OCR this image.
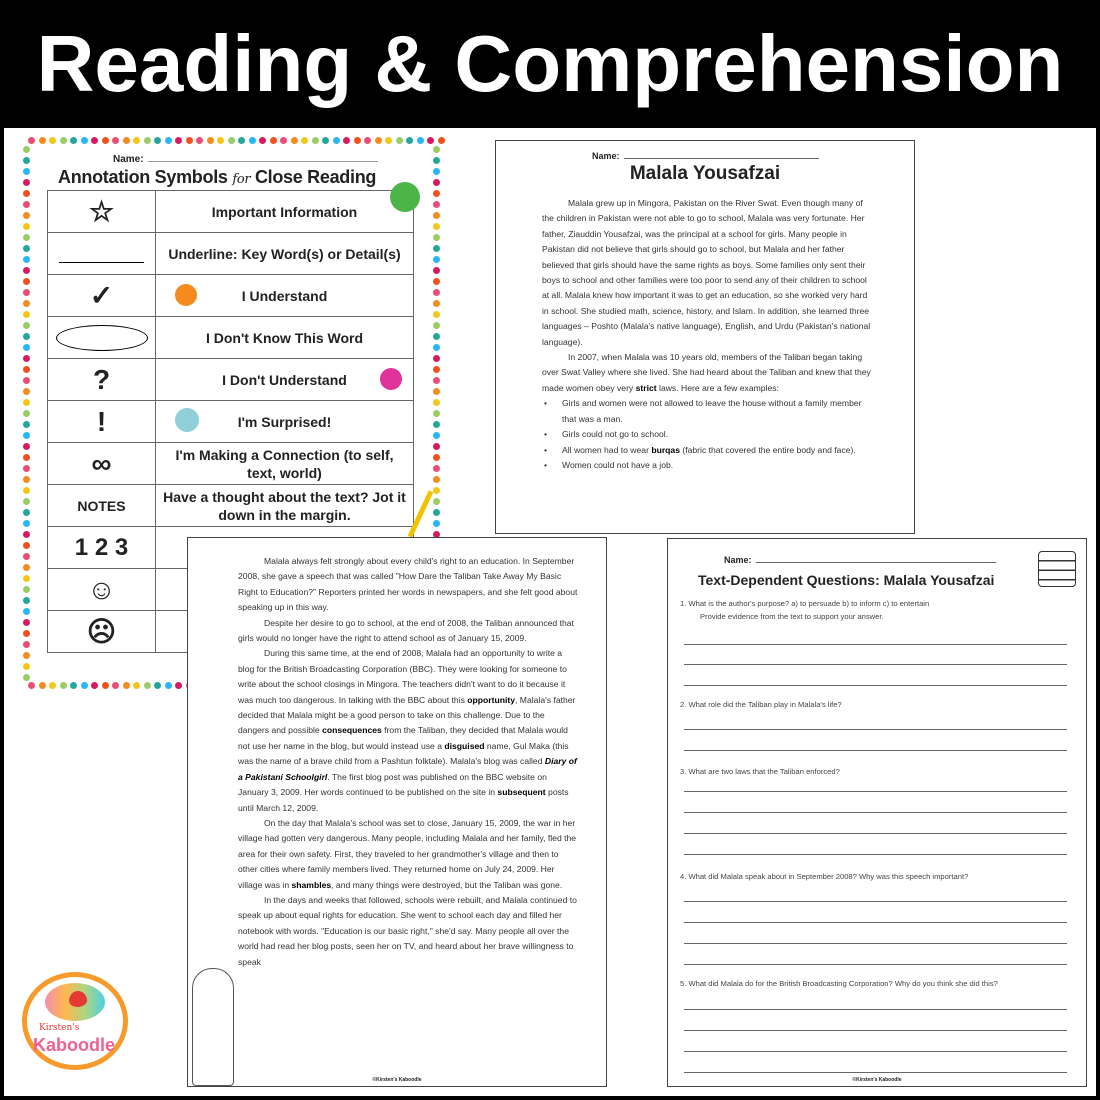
Reading & Comprehension
Name:
Annotation Symbols for Close Reading
☆	Important Information

	Underline: Key Word(s) or Detail(s)
✓	I Understand

	I Don't Know This Word
?	I Don't Understand
!	I'm Surprised!
∞	I'm Making a Connection (to self, text, world)
NOTES	Have a thought about the text? Jot it down in the margin.
1 2 3	
☺	
☹	
Name:
Malala Yousafzai

Malala grew up in Mingora, Pakistan on the River Swat. Even though many of the children in Pakistan were not able to go to school, Malala was very fortunate. Her father, Ziauddin Yousafzai, was the principal at a school for girls. Many people in Pakistan did not believe that girls should go to school, but Malala and her father believed that girls should have the same rights as boys. Some families only sent their boys to school and other families were too poor to send any of their children to school at all. Malala knew how important it was to get an education, so she worked very hard in school. She studied math, science, history, and Islam. In addition, she learned three languages – Poshto (Malala's native language), English, and Urdu (Pakistan's national language).

In 2007, when Malala was 10 years old, members of the Taliban began taking over Swat Valley where she lived. She had heard about the Taliban and knew that they made women obey very strict laws. Here are a few examples:

• Girls and women were not allowed to leave the house without a family member that was a man.
• Girls could not go to school.
• All women had to wear burqas (fabric that covered the entire body and face).
• Women could not have a job.

Malala always felt strongly about every child's right to an education. In September 2008, she gave a speech that was called "How Dare the Taliban Take Away My Basic Right to Education?" Reporters printed her words in newspapers, and she felt good about speaking up in this way.

Despite her desire to go to school, at the end of 2008, the Taliban announced that girls would no longer have the right to attend school as of January 15, 2009.

During this same time, at the end of 2008, Malala had an opportunity to write a blog for the British Broadcasting Corporation (BBC). They were looking for someone to write about the school closings in Mingora. The teachers didn't want to do it because it was much too dangerous. In talking with the BBC about this opportunity, Malala's father decided that Malala might be a good person to take on this challenge. Due to the dangers and possible consequences from the Taliban, they decided that Malala would not use her name in the blog, but would instead use a disguised name, Gul Maka (this was the name of a brave child from a Pashtun folktale). Malala's blog was called Diary of a Pakistani Schoolgirl. The first blog post was published on the BBC website on January 3, 2009. Her words continued to be published on the site in subsequent posts until March 12, 2009.

On the day that Malala's school was set to close, January 15, 2009, the war in her village had gotten very dangerous. Many people, including Malala and her family, fled the area for their own safety. First, they traveled to her grandmother's village and then to other cities where family members lived. They returned home on July 24, 2009. Her village was in shambles, and many things were destroyed, but the Taliban was gone.

In the days and weeks that followed, schools were rebuilt, and Malala continued to speak up about equal rights for education. She went to school each day and filled her notebook with words. "Education is our basic right," she'd say. Many people all over the world had read her blog posts, seen her on TV, and heard about her brave willingness to speak

©Kirsten's Kaboodle
Name:
Text-Dependent Questions: Malala Yousafzai
1. What is the author's purpose? a) to persuade b) to inform c) to entertain
Provide evidence from the text to support your answer.
2. What role did the Taliban play in Malala's life?
3. What are two laws that the Taliban enforced?
4. What did Malala speak about in September 2008? Why was this speech important?
5. What did Malala do for the British Broadcasting Corporation? Why do you think she did this?
©Kirsten's Kaboodle
Kirsten's
Kaboodle
